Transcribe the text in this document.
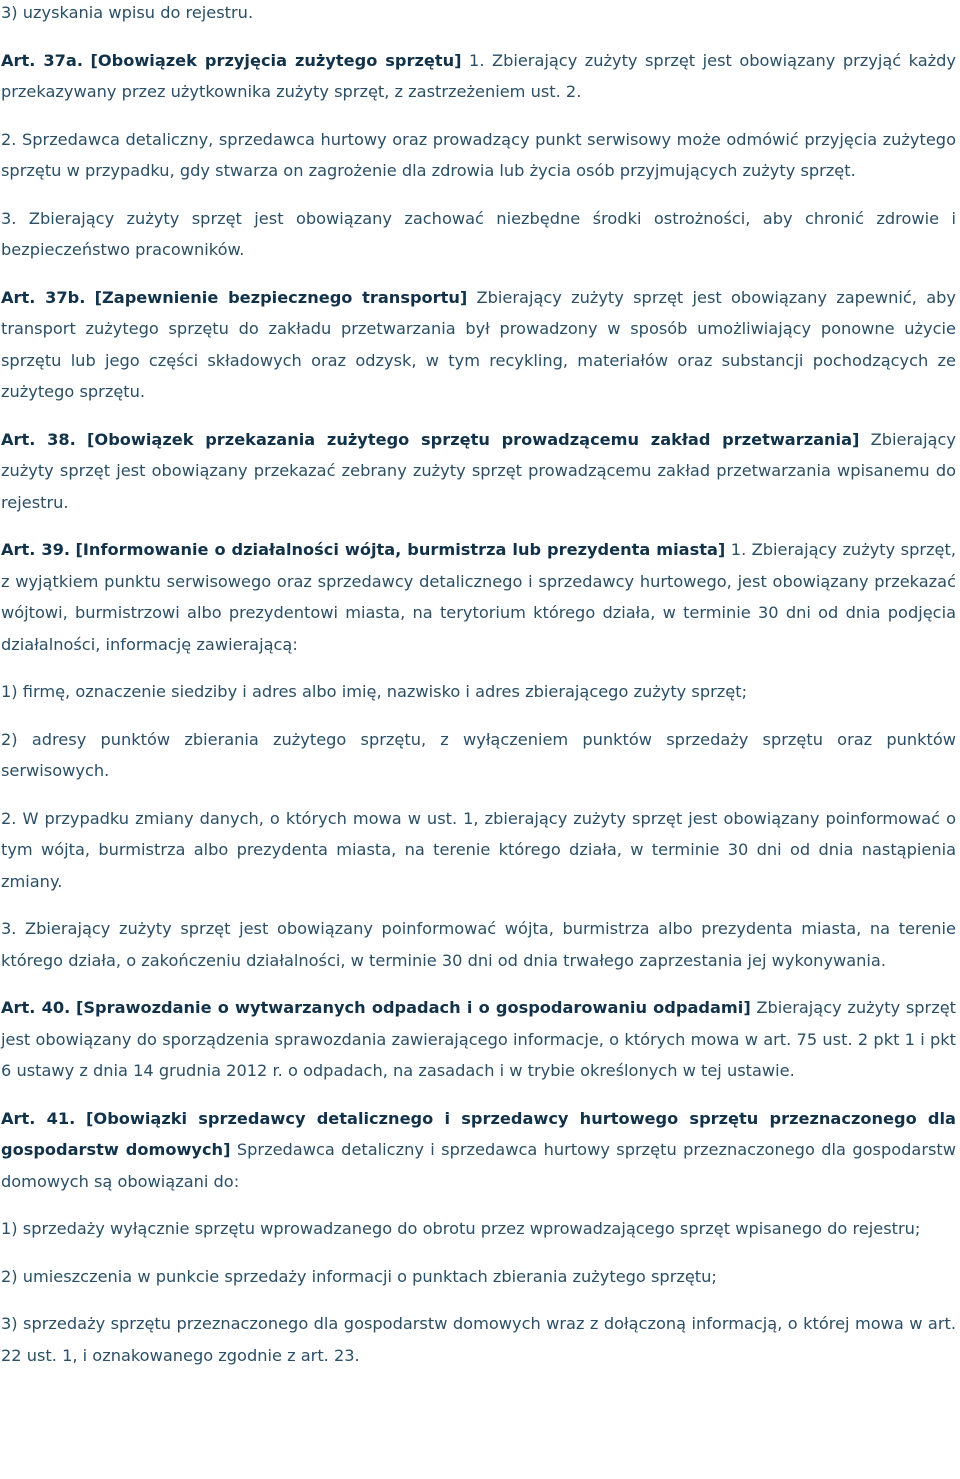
3) uzyskania wpisu do rejestru.

Art. 37a. [Obowiązek przyjęcia zużytego sprzętu] 1. Zbierający zużyty sprzęt jest obowiązany przyjąć każdy przekazywany przez użytkownika zużyty sprzęt, z zastrzeżeniem ust. 2.

2. Sprzedawca detaliczny, sprzedawca hurtowy oraz prowadzący punkt serwisowy może odmówić przyjęcia zużytego sprzętu w przypadku, gdy stwarza on zagrożenie dla zdrowia lub życia osób przyjmujących zużyty sprzęt.

3. Zbierający zużyty sprzęt jest obowiązany zachować niezbędne środki ostrożności, aby chronić zdrowie i bezpieczeństwo pracowników.

Art. 37b. [Zapewnienie bezpiecznego transportu] Zbierający zużyty sprzęt jest obowiązany zapewnić, aby transport zużytego sprzętu do zakładu przetwarzania był prowadzony w sposób umożliwiający ponowne użycie sprzętu lub jego części składowych oraz odzysk, w tym recykling, materiałów oraz substancji pochodzących ze zużytego sprzętu.

Art. 38. [Obowiązek przekazania zużytego sprzętu prowadzącemu zakład przetwarzania] Zbierający zużyty sprzęt jest obowiązany przekazać zebrany zużyty sprzęt prowadzącemu zakład przetwarzania wpisanemu do rejestru.

Art. 39. [Informowanie o działalności wójta, burmistrza lub prezydenta miasta] 1. Zbierający zużyty sprzęt, z wyjątkiem punktu serwisowego oraz sprzedawcy detalicznego i sprzedawcy hurtowego, jest obowiązany przekazać wójtowi, burmistrzowi albo prezydentowi miasta, na terytorium którego działa, w terminie 30 dni od dnia podjęcia działalności, informację zawierającą:

1) firmę, oznaczenie siedziby i adres albo imię, nazwisko i adres zbierającego zużyty sprzęt;

2) adresy punktów zbierania zużytego sprzętu, z wyłączeniem punktów sprzedaży sprzętu oraz punktów serwisowych.

2. W przypadku zmiany danych, o których mowa w ust. 1, zbierający zużyty sprzęt jest obowiązany poinformować o tym wójta, burmistrza albo prezydenta miasta, na terenie którego działa, w terminie 30 dni od dnia nastąpienia zmiany.

3. Zbierający zużyty sprzęt jest obowiązany poinformować wójta, burmistrza albo prezydenta miasta, na terenie którego działa, o zakończeniu działalności, w terminie 30 dni od dnia trwałego zaprzestania jej wykonywania.

Art. 40. [Sprawozdanie o wytwarzanych odpadach i o gospodarowaniu odpadami] Zbierający zużyty sprzęt jest obowiązany do sporządzenia sprawozdania zawierającego informacje, o których mowa w art. 75 ust. 2 pkt 1 i pkt 6 ustawy z dnia 14 grudnia 2012 r. o odpadach, na zasadach i w trybie określonych w tej ustawie.

Art. 41. [Obowiązki sprzedawcy detalicznego i sprzedawcy hurtowego sprzętu przeznaczonego dla gospodarstw domowych] Sprzedawca detaliczny i sprzedawca hurtowy sprzętu przeznaczonego dla gospodarstw domowych są obowiązani do:

1) sprzedaży wyłącznie sprzętu wprowadzanego do obrotu przez wprowadzającego sprzęt wpisanego do rejestru;

2) umieszczenia w punkcie sprzedaży informacji o punktach zbierania zużytego sprzętu;

3) sprzedaży sprzętu przeznaczonego dla gospodarstw domowych wraz z dołączoną informacją, o której mowa w art. 22 ust. 1, i oznakowanego zgodnie z art. 23.
